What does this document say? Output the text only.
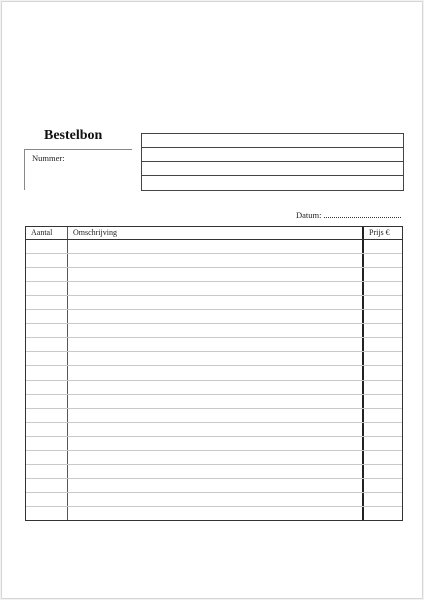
Bestelbon
Nummer:
Datum:
Aantal	Omschrijving	Prijs €
